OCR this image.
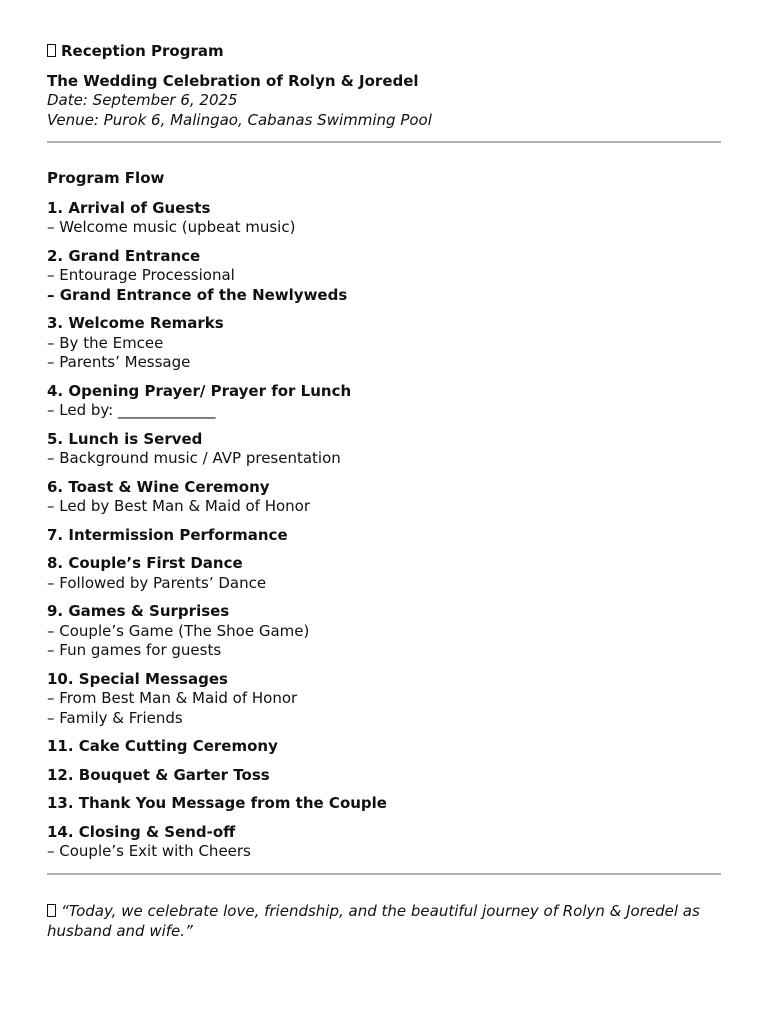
Reception Program
The Wedding Celebration of Rolyn & Joredel
Date: September 6, 2025
Venue: Purok 6, Malingao, Cabanas Swimming Pool
Program Flow
1. Arrival of Guests
– Welcome music (upbeat music)
2. Grand Entrance
– Entourage Processional
– Grand Entrance of the Newlyweds
3. Welcome Remarks
– By the Emcee
– Parents’ Message
4. Opening Prayer/ Prayer for Lunch
– Led by: _____________
5. Lunch is Served
– Background music / AVP presentation
6. Toast & Wine Ceremony
– Led by Best Man & Maid of Honor
7. Intermission Performance
8. Couple’s First Dance
– Followed by Parents’ Dance
9. Games & Surprises
– Couple’s Game (The Shoe Game)
– Fun games for guests
10. Special Messages
– From Best Man & Maid of Honor
– Family & Friends
11. Cake Cutting Ceremony
12. Bouquet & Garter Toss
13. Thank You Message from the Couple
14. Closing & Send-off
– Couple’s Exit with Cheers
“Today, we celebrate love, friendship, and the beautiful journey of Rolyn & Joredel as husband and wife.”
